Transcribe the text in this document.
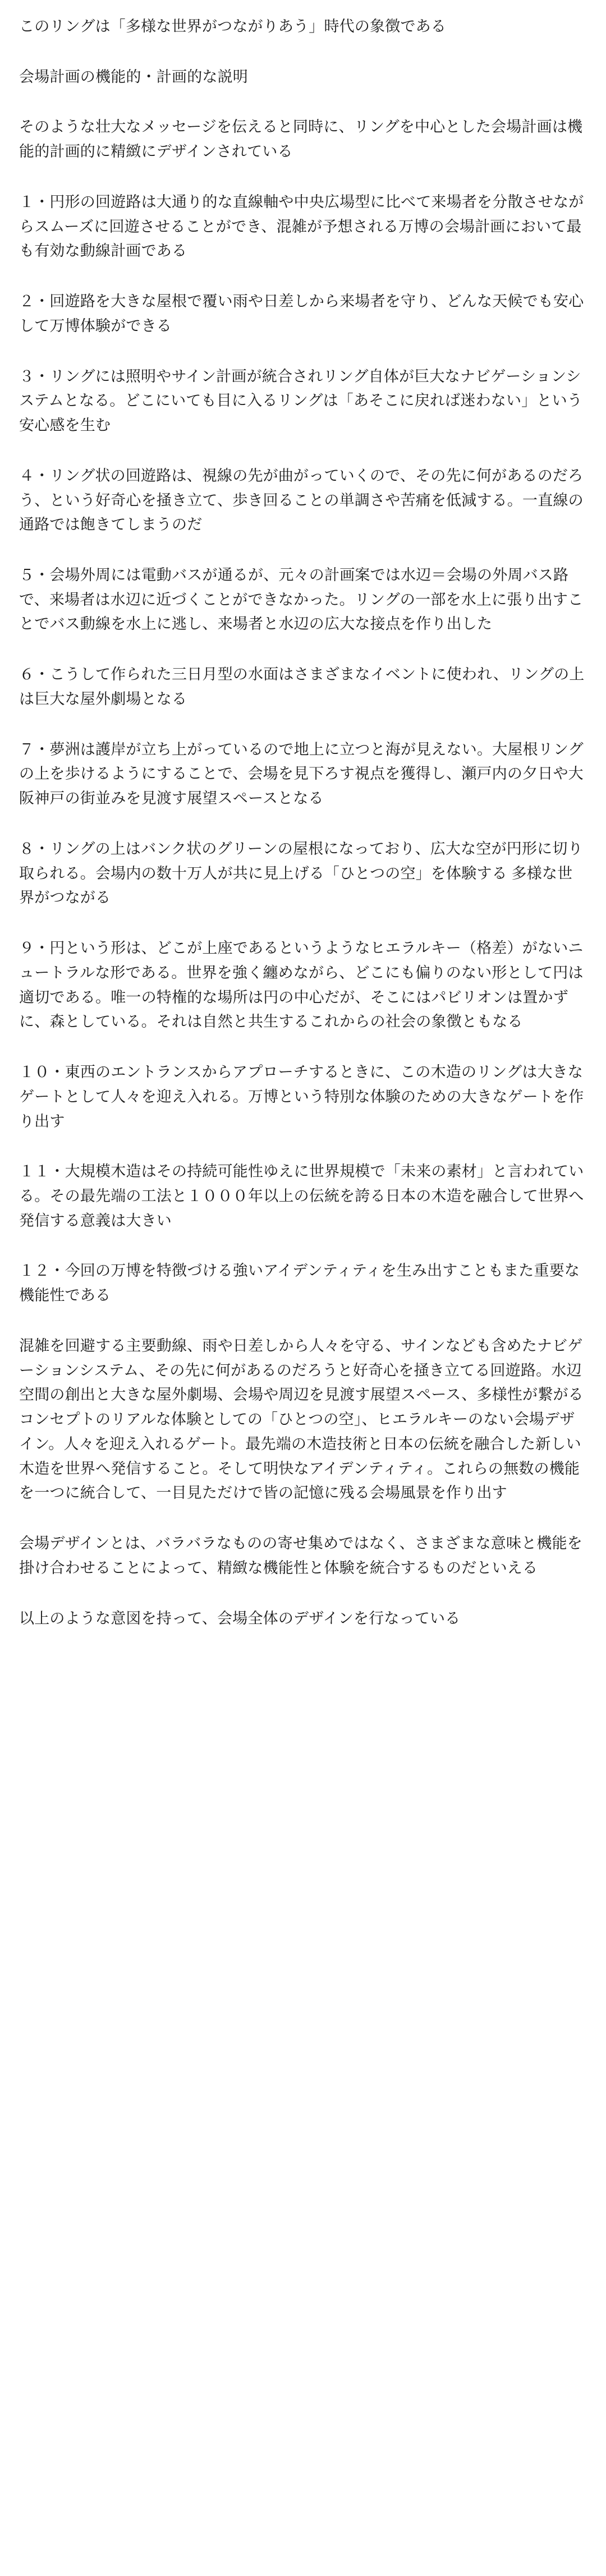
このリングは「多様な世界がつながりあう」時代の象徴である

会場計画の機能的・計画的な説明

そのような壮大なメッセージを伝えると同時に、リングを中心とした会場計画は機能的計画的に精緻にデザインされている

１・円形の回遊路は大通り的な直線軸や中央広場型に比べて来場者を分散させながらスムーズに回遊させることができ、混雑が予想される万博の会場計画において最も有効な動線計画である

２・回遊路を大きな屋根で覆い雨や日差しから来場者を守り、どんな天候でも安心して万博体験ができる

３・リングには照明やサイン計画が統合されリング自体が巨大なナビゲーションシステムとなる。どこにいても目に入るリングは「あそこに戻れば迷わない」という安心感を生む

４・リング状の回遊路は、視線の先が曲がっていくので、その先に何があるのだろう、という好奇心を掻き立て、歩き回ることの単調さや苦痛を低減する。一直線の通路では飽きてしまうのだ

５・会場外周には電動バスが通るが、元々の計画案では水辺＝会場の外周バス路で、来場者は水辺に近づくことができなかった。リングの一部を水上に張り出すことでバス動線を水上に逃し、来場者と水辺の広大な接点を作り出した

６・こうして作られた三日月型の水面はさまざまなイベントに使われ、リングの上は巨大な屋外劇場となる

７・夢洲は護岸が立ち上がっているので地上に立つと海が見えない。大屋根リングの上を歩けるようにすることで、会場を見下ろす視点を獲得し、瀬戸内の夕日や大阪神戸の街並みを見渡す展望スペースとなる

８・リングの上はバンク状のグリーンの屋根になっており、広大な空が円形に切り取られる。会場内の数十万人が共に見上げる「ひとつの空」を体験する 多様な世界がつながる

９・円という形は、どこが上座であるというようなヒエラルキー（格差）がないニュートラルな形である。世界を強く纏めながら、どこにも偏りのない形として円は適切である。唯一の特権的な場所は円の中心だが、そこにはパビリオンは置かずに、森としている。それは自然と共生するこれからの社会の象徴ともなる

１０・東西のエントランスからアプローチするときに、この木造のリングは大きなゲートとして人々を迎え入れる。万博という特別な体験のための大きなゲートを作り出す

１１・大規模木造はその持続可能性ゆえに世界規模で「未来の素材」と言われている。その最先端の工法と１０００年以上の伝統を誇る日本の木造を融合して世界へ発信する意義は大きい

１２・今回の万博を特徴づける強いアイデンティティを生み出すこともまた重要な機能性である

混雑を回避する主要動線、雨や日差しから人々を守る、サインなども含めたナビゲーションシステム、その先に何があるのだろうと好奇心を掻き立てる回遊路。水辺空間の創出と大きな屋外劇場、会場や周辺を見渡す展望スペース、多様性が繋がるコンセプトのリアルな体験としての「ひとつの空」、ヒエラルキーのない会場デザイン。人々を迎え入れるゲート。最先端の木造技術と日本の伝統を融合した新しい木造を世界へ発信すること。そして明快なアイデンティティ。これらの無数の機能を一つに統合して、一目見ただけで皆の記憶に残る会場風景を作り出す

会場デザインとは、バラバラなものの寄せ集めではなく、さまざまな意味と機能を掛け合わせることによって、精緻な機能性と体験を統合するものだといえる

以上のような意図を持って、会場全体のデザインを行なっている
